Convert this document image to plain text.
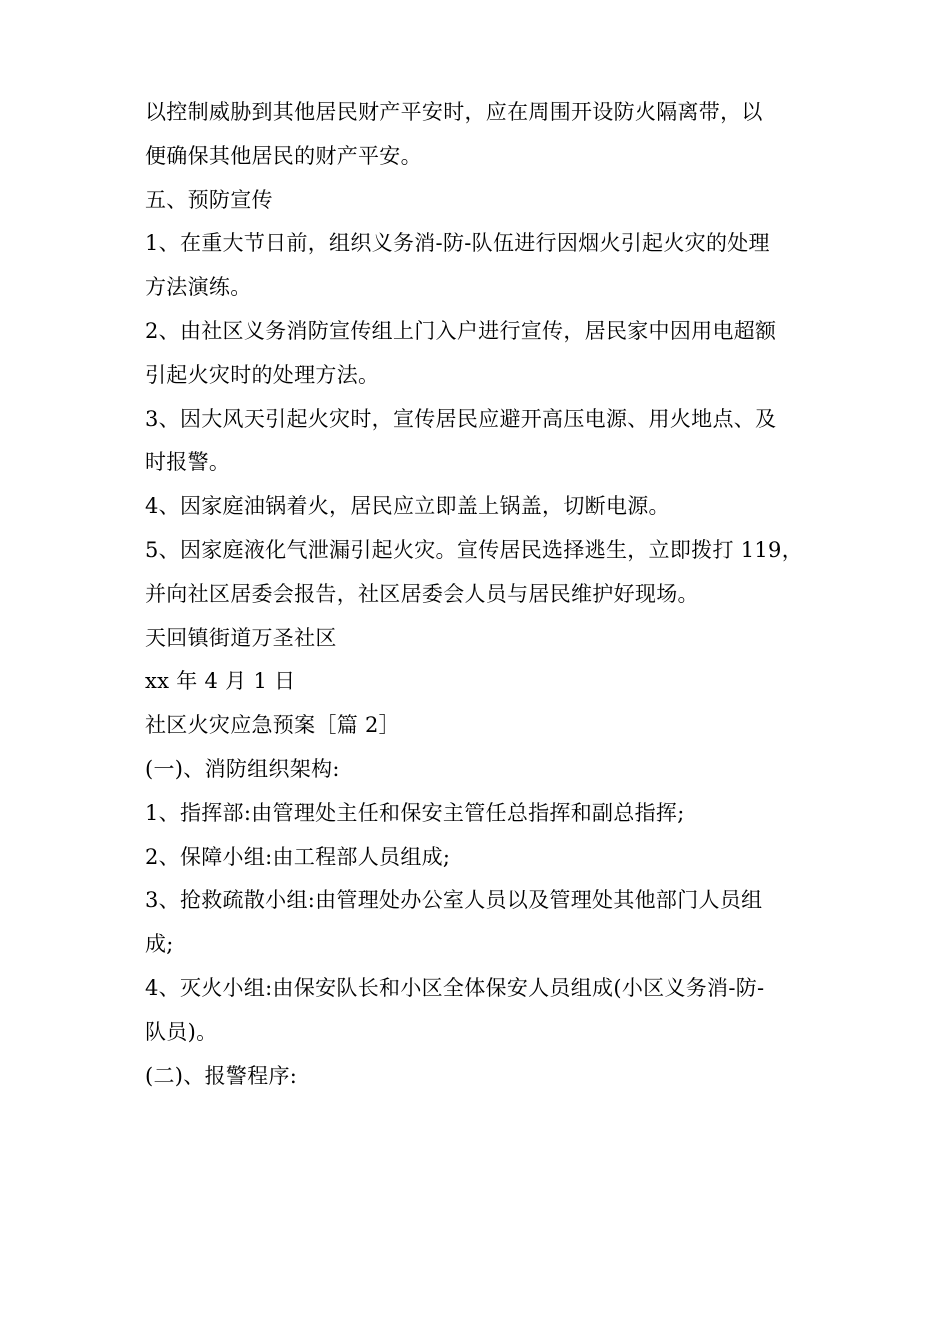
以控制威胁到其他居民财产平安时，应在周围开设防火隔离带，以
便确保其他居民的财产平安。
五、预防宣传
1、在重大节日前，组织义务消-防-队伍进行因烟火引起火灾的处理
方法演练。
2、由社区义务消防宣传组上门入户进行宣传，居民家中因用电超额
引起火灾时的处理方法。
3、因大风天引起火灾时，宣传居民应避开高压电源、用火地点、及
时报警。
4、因家庭油锅着火，居民应立即盖上锅盖，切断电源。
5、因家庭液化气泄漏引起火灾。宣传居民选择逃生，立即拨打 119，
并向社区居委会报告，社区居委会人员与居民维护好现场。
天回镇街道万圣社区
xx 年 4 月 1 日
社区火灾应急预案［篇 2］
(一)、消防组织架构:
1、指挥部:由管理处主任和保安主管任总指挥和副总指挥;
2、保障小组:由工程部人员组成;
3、抢救疏散小组:由管理处办公室人员以及管理处其他部门人员组
成;
4、灭火小组:由保安队长和小区全体保安人员组成(小区义务消-防-
队员)。
(二)、报警程序:
